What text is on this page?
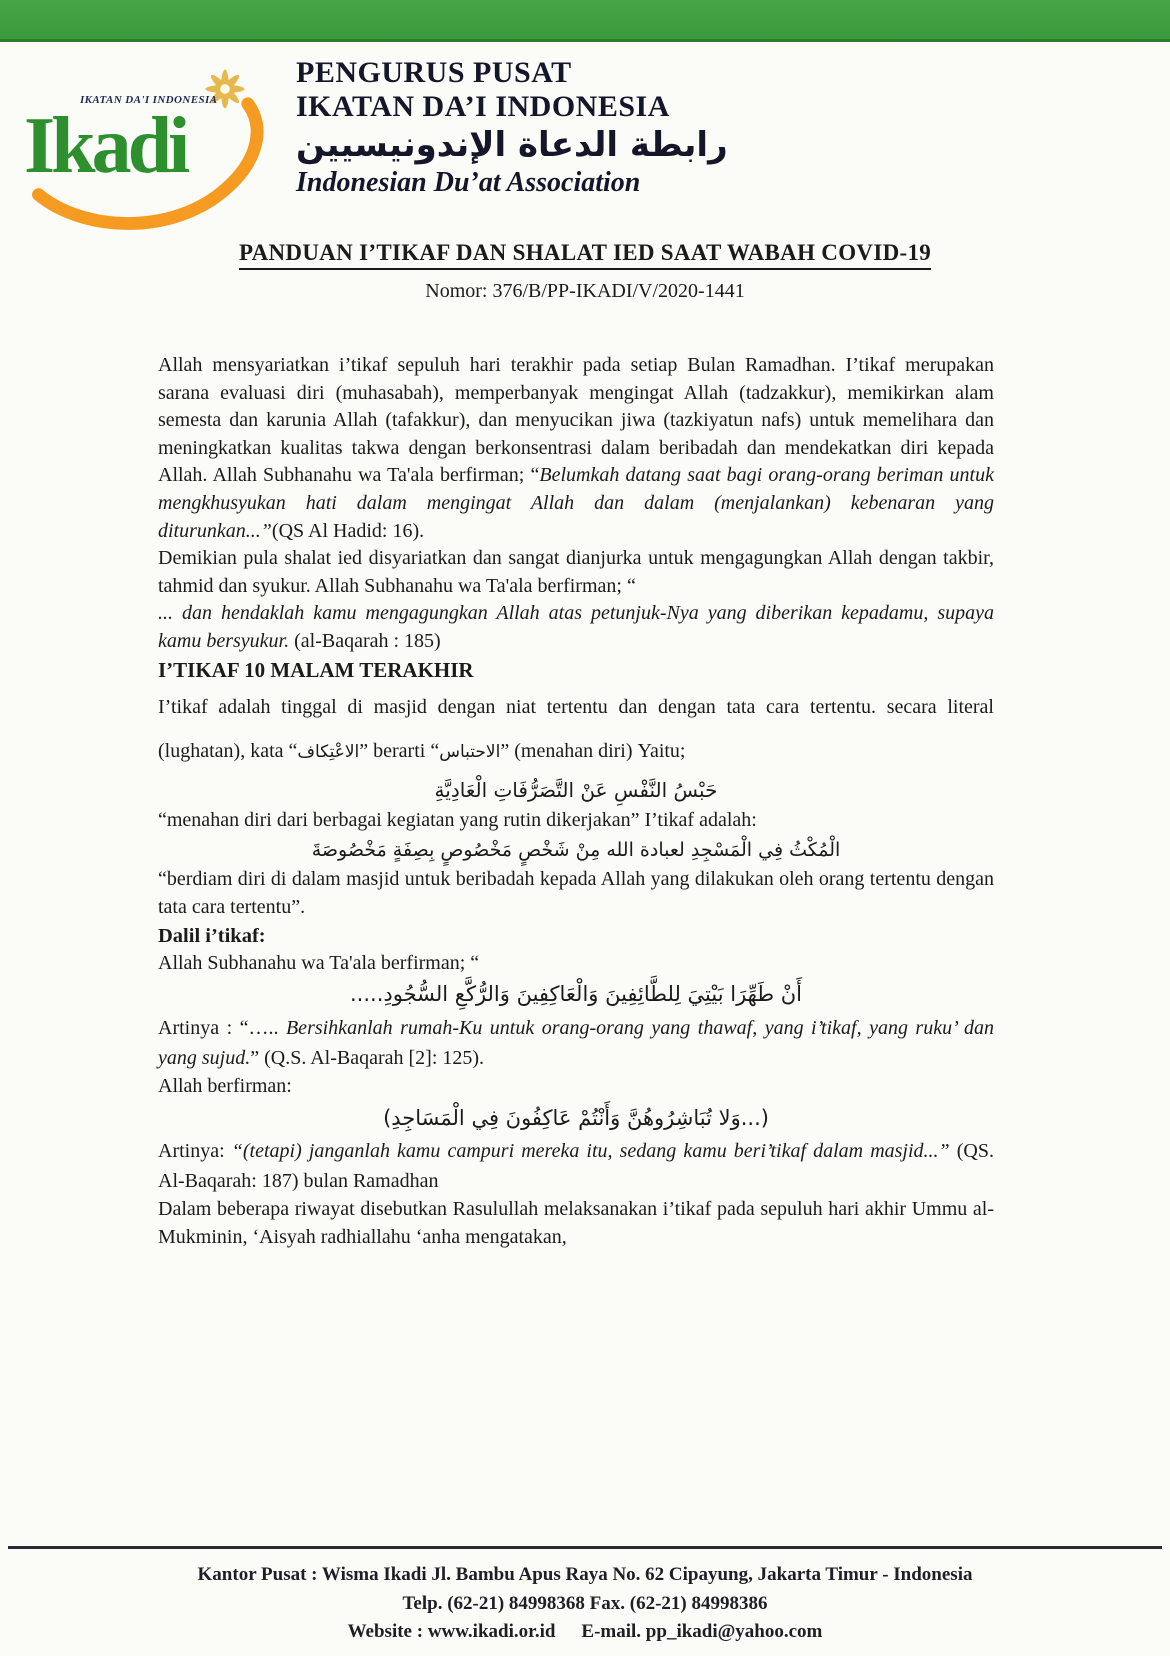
IKATAN DA'I INDONESIA
Ikadi
PENGURUS PUSAT
IKATAN DA’I INDONESIA
رابطة الدعاة الإندونيسيين
Indonesian Du’at Association
PANDUAN I’TIKAF DAN SHALAT IED SAAT WABAH COVID-19
Nomor: 376/B/PP-IKADI/V/2020-1441

Allah mensyariatkan i’tikaf sepuluh hari terakhir pada setiap Bulan Ramadhan. I’tikaf merupakan sarana evaluasi diri (muhasabah), memperbanyak mengingat Allah (tadzakkur), memikirkan alam semesta dan karunia Allah (tafakkur), dan menyucikan jiwa (tazkiyatun nafs) untuk memelihara dan meningkatkan kualitas takwa dengan berkonsentrasi dalam beribadah dan mendekatkan diri kepada Allah. Allah Subhanahu wa Ta'ala berfirman; “Belumkah datang saat bagi orang-orang beriman untuk mengkhusyukan hati dalam mengingat Allah dan dalam (menjalankan) kebenaran yang diturunkan...”(QS Al Hadid: 16).

Demikian pula shalat ied disyariatkan dan sangat dianjurka untuk mengagungkan Allah dengan takbir, tahmid dan syukur. Allah Subhanahu wa Ta'ala berfirman; “

... dan hendaklah kamu mengagungkan Allah atas petunjuk-Nya yang diberikan kepadamu, supaya kamu bersyukur. (al-Baqarah : 185)

I’TIKAF 10 MALAM TERAKHIR

I’tikaf adalah tinggal di masjid dengan niat tertentu dan dengan tata cara tertentu. secara literal (lughatan), kata “الاعْتِكاف” berarti “الاحتباس” (menahan diri) Yaitu;

حَبْسُ النَّفْسِ عَنْ التَّصَرُّفَاتِ الْعَادِيَّةِ

“menahan diri dari berbagai kegiatan yang rutin dikerjakan” I’tikaf adalah:

الْمُكْثُ فِي الْمَسْجِدِ لعبادة الله مِنْ شَخْصٍ مَخْصُوصٍ بِصِفَةٍ مَخْصُوصَةَ

“berdiam diri di dalam masjid untuk beribadah kepada Allah yang dilakukan oleh orang tertentu dengan tata cara tertentu”.

Dalil i’tikaf:

Allah Subhanahu wa Ta'ala berfirman; “

أَنْ طَهِّرَا بَيْتِيَ لِلطَّائِفِينَ وَالْعَاكِفِينَ وَالرُّكَّعِ السُّجُودِ.....

Artinya : “….. Bersihkanlah rumah-Ku untuk orang-orang yang thawaf, yang i’tikaf, yang ruku’ dan yang sujud.” (Q.S. Al-Baqarah [2]: 125).

Allah berfirman:

(...وَلا تُبَاشِرُوهُنَّ وَأَنْتُمْ عَاكِفُونَ فِي الْمَسَاجِدِ)

Artinya: “(tetapi) janganlah kamu campuri mereka itu, sedang kamu beri’tikaf dalam masjid...” (QS. Al-Baqarah: 187) bulan Ramadhan

Dalam beberapa riwayat disebutkan Rasulullah melaksanakan i’tikaf pada sepuluh hari akhir Ummu al-Mukminin, ‘Aisyah radhiallahu ‘anha mengatakan,

Kantor Pusat : Wisma Ikadi Jl. Bambu Apus Raya No. 62 Cipayung, Jakarta Timur - Indonesia
Telp. (62-21) 84998368 Fax. (62-21) 84998386
Website : www.ikadi.or.id E-mail. pp_ikadi@yahoo.com
